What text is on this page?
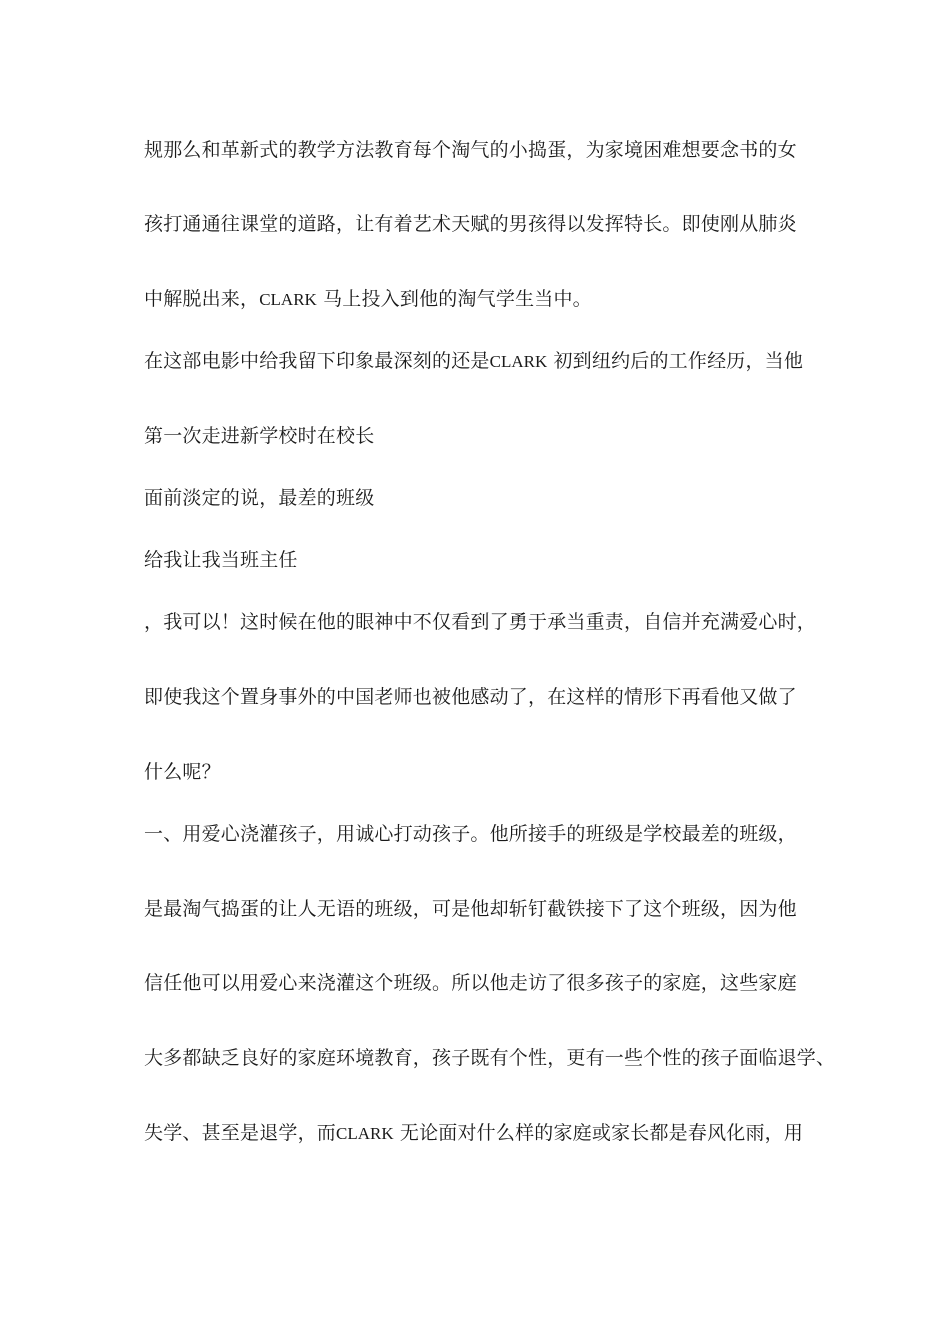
规那么和革新式的教学方法教育每个淘气的小捣蛋，为家境困难想要念书的女

孩打通通往课堂的道路，让有着艺术天赋的男孩得以发挥特长。即使刚从肺炎

中解脱出来，CLARK 马上投入到他的淘气学生当中。

在这部电影中给我留下印象最深刻的还是CLARK 初到纽约后的工作经历，当他

第一次走进新学校时在校长

面前淡定的说，最差的班级

给我让我当班主任

，我可以！这时候在他的眼神中不仅看到了勇于承当重责，自信并充满爱心时，

即使我这个置身事外的中国老师也被他感动了，在这样的情形下再看他又做了

什么呢？

一、用爱心浇灌孩子，用诚心打动孩子。他所接手的班级是学校最差的班级，

是最淘气捣蛋的让人无语的班级，可是他却斩钉截铁接下了这个班级，因为他

信任他可以用爱心来浇灌这个班级。所以他走访了很多孩子的家庭，这些家庭

大多都缺乏良好的家庭环境教育，孩子既有个性，更有一些个性的孩子面临退学、

失学、甚至是退学，而CLARK 无论面对什么样的家庭或家长都是春风化雨，用
